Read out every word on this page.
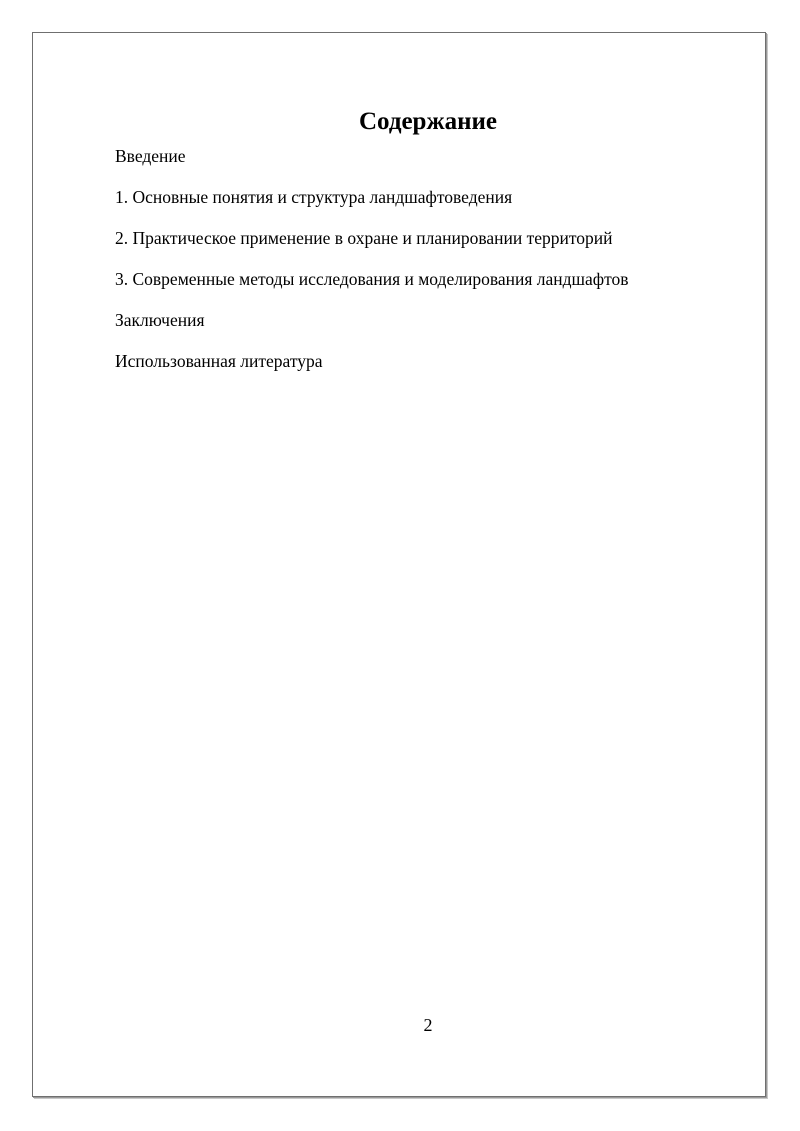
Содержание
Введение
1. Основные понятия и структура ландшафтоведения
2. Практическое применение в охране и планировании территорий
3. Современные методы исследования и моделирования ландшафтов
Заключения
Использованная литература
2
